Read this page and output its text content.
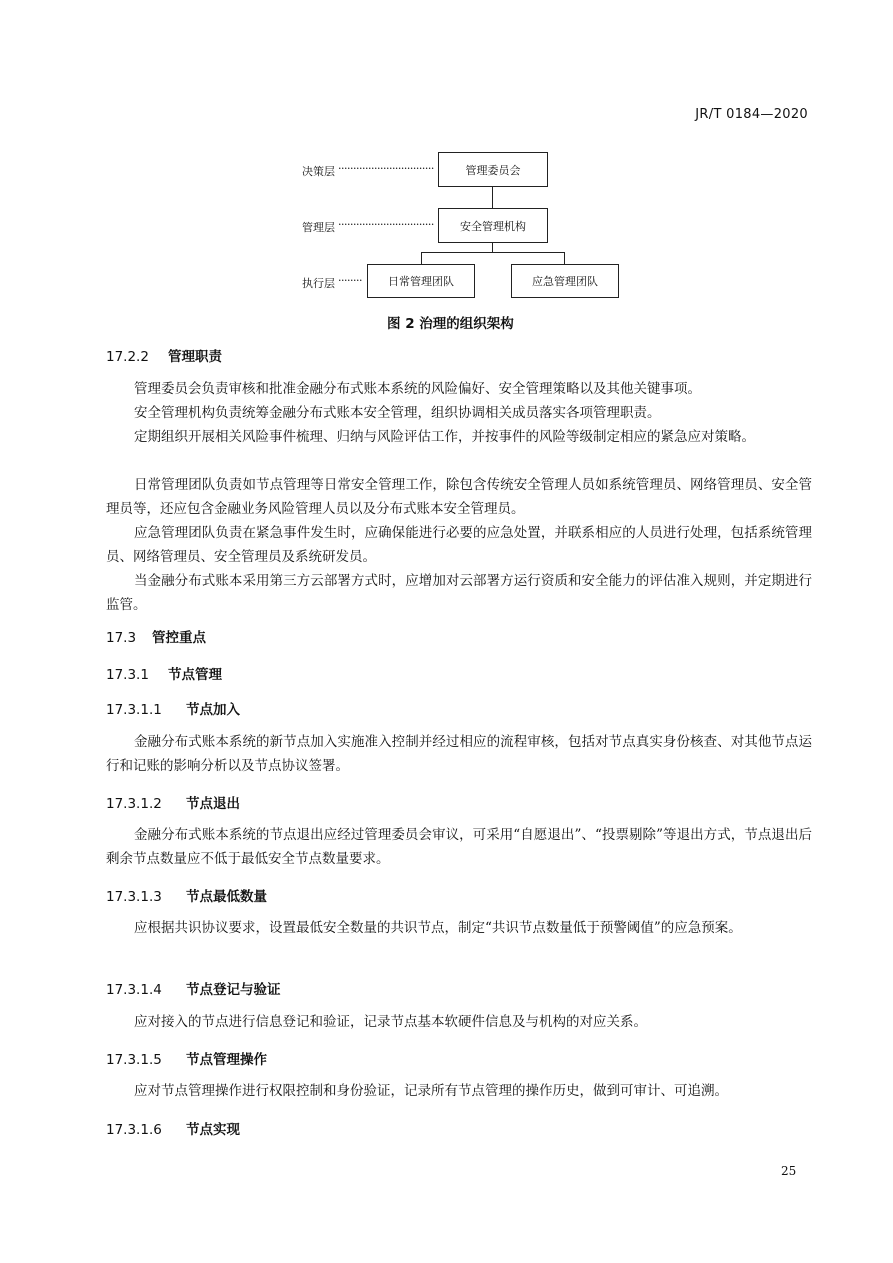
JR/T 0184—2020
决策层 ································	管理委员会
管理层 ································	安全管理机构
执行层 ········	日常管理团队	应急管理团队
图 2 治理的组织架构
17.2.2 管理职责
管理委员会负责审核和批准金融分布式账本系统的风险偏好、安全管理策略以及其他关键事项。
安全管理机构负责统筹金融分布式账本安全管理，组织协调相关成员落实各项管理职责。
定期组织开展相关风险事件梳理、归纳与风险评估工作，并按事件的风险等级制定相应的紧急应对策略。
日常管理团队负责如节点管理等日常安全管理工作，除包含传统安全管理人员如系统管理员、网络管理员、安全管理员等，还应包含金融业务风险管理人员以及分布式账本安全管理员。
应急管理团队负责在紧急事件发生时，应确保能进行必要的应急处置，并联系相应的人员进行处理，包括系统管理员、网络管理员、安全管理员及系统研发员。
当金融分布式账本采用第三方云部署方式时，应增加对云部署方运行资质和安全能力的评估准入规则，并定期进行监管。
17.3 管控重点
17.3.1 节点管理
17.3.1.1 节点加入
金融分布式账本系统的新节点加入实施准入控制并经过相应的流程审核，包括对节点真实身份核查、对其他节点运行和记账的影响分析以及节点协议签署。
17.3.1.2 节点退出
金融分布式账本系统的节点退出应经过管理委员会审议，可采用“自愿退出”、“投票剔除”等退出方式，节点退出后剩余节点数量应不低于最低安全节点数量要求。
17.3.1.3 节点最低数量
应根据共识协议要求，设置最低安全数量的共识节点，制定“共识节点数量低于预警阈值”的应急预案。
17.3.1.4 节点登记与验证
应对接入的节点进行信息登记和验证，记录节点基本软硬件信息及与机构的对应关系。
17.3.1.5 节点管理操作
应对节点管理操作进行权限控制和身份验证，记录所有节点管理的操作历史，做到可审计、可追溯。
17.3.1.6 节点实现
25
